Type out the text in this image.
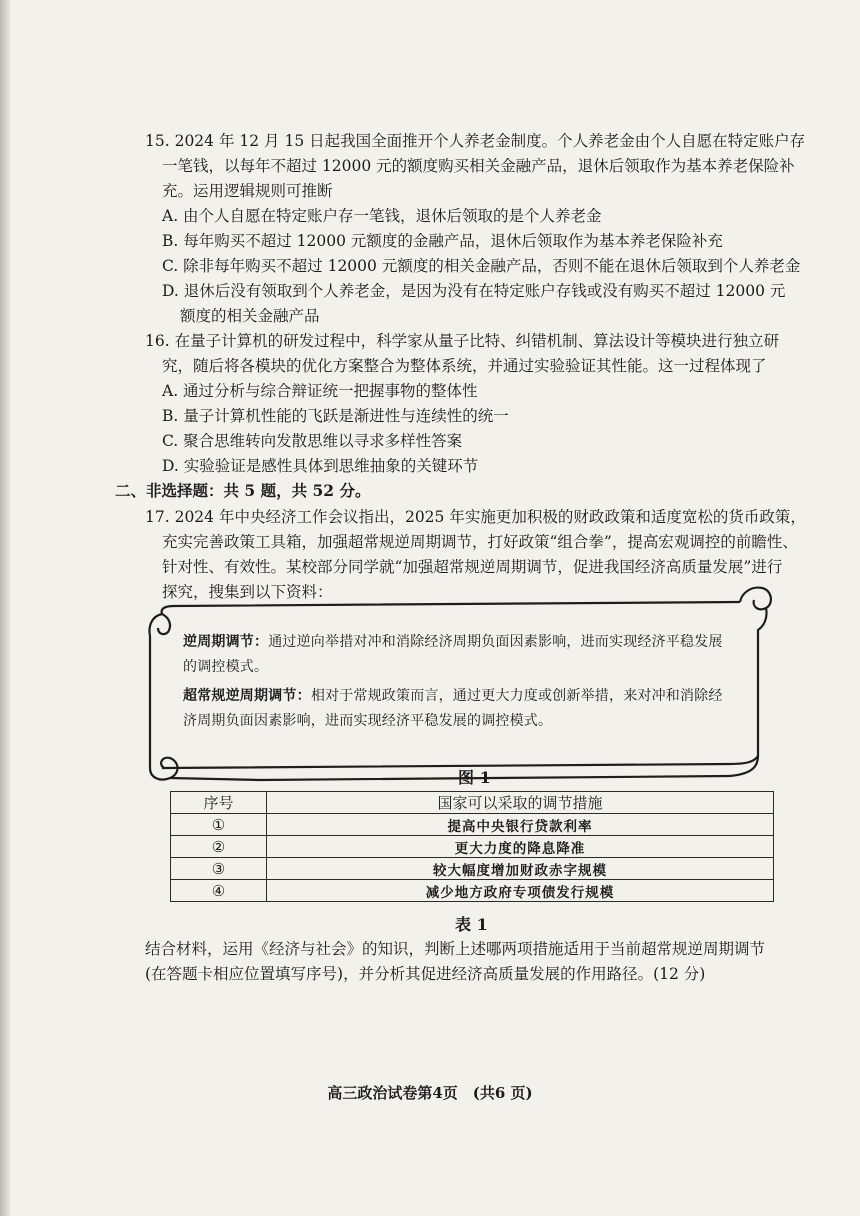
15. 2024 年 12 月 15 日起我国全面推开个人养老金制度。个人养老金由个人自愿在特定账户存
一笔钱，以每年不超过 12000 元的额度购买相关金融产品，退休后领取作为基本养老保险补
充。运用逻辑规则可推断
A. 由个人自愿在特定账户存一笔钱，退休后领取的是个人养老金
B. 每年购买不超过 12000 元额度的金融产品，退休后领取作为基本养老保险补充
C. 除非每年购买不超过 12000 元额度的相关金融产品，否则不能在退休后领取到个人养老金
D. 退休后没有领取到个人养老金，是因为没有在特定账户存钱或没有购买不超过 12000 元
额度的相关金融产品
16. 在量子计算机的研发过程中，科学家从量子比特、纠错机制、算法设计等模块进行独立研
究，随后将各模块的优化方案整合为整体系统，并通过实验验证其性能。这一过程体现了
A. 通过分析与综合辩证统一把握事物的整体性
B. 量子计算机性能的飞跃是渐进性与连续性的统一
C. 聚合思维转向发散思维以寻求多样性答案
D. 实验验证是感性具体到思维抽象的关键环节
二、非选择题：共 5 题，共 52 分。
17. 2024 年中央经济工作会议指出，2025 年实施更加积极的财政政策和适度宽松的货币政策，
充实完善政策工具箱，加强超常规逆周期调节，打好政策“组合拳”，提高宏观调控的前瞻性、
针对性、有效性。某校部分同学就“加强超常规逆周期调节，促进我国经济高质量发展”进行
探究，搜集到以下资料：
逆周期调节：通过逆向举措对冲和消除经济周期负面因素影响，进而实现经济平稳发展
的调控模式。
超常规逆周期调节：相对于常规政策而言，通过更大力度或创新举措，来对冲和消除经
济周期负面因素影响，进而实现经济平稳发展的调控模式。
图 1
序号	国家可以采取的调节措施
①	提高中央银行贷款利率
②	更大力度的降息降准
③	较大幅度增加财政赤字规模
④	减少地方政府专项债发行规模
表 1
结合材料，运用《经济与社会》的知识，判断上述哪两项措施适用于当前超常规逆周期调节
(在答题卡相应位置填写序号)，并分析其促进经济高质量发展的作用路径。(12 分)
高三政治试卷第4页　(共6 页)
